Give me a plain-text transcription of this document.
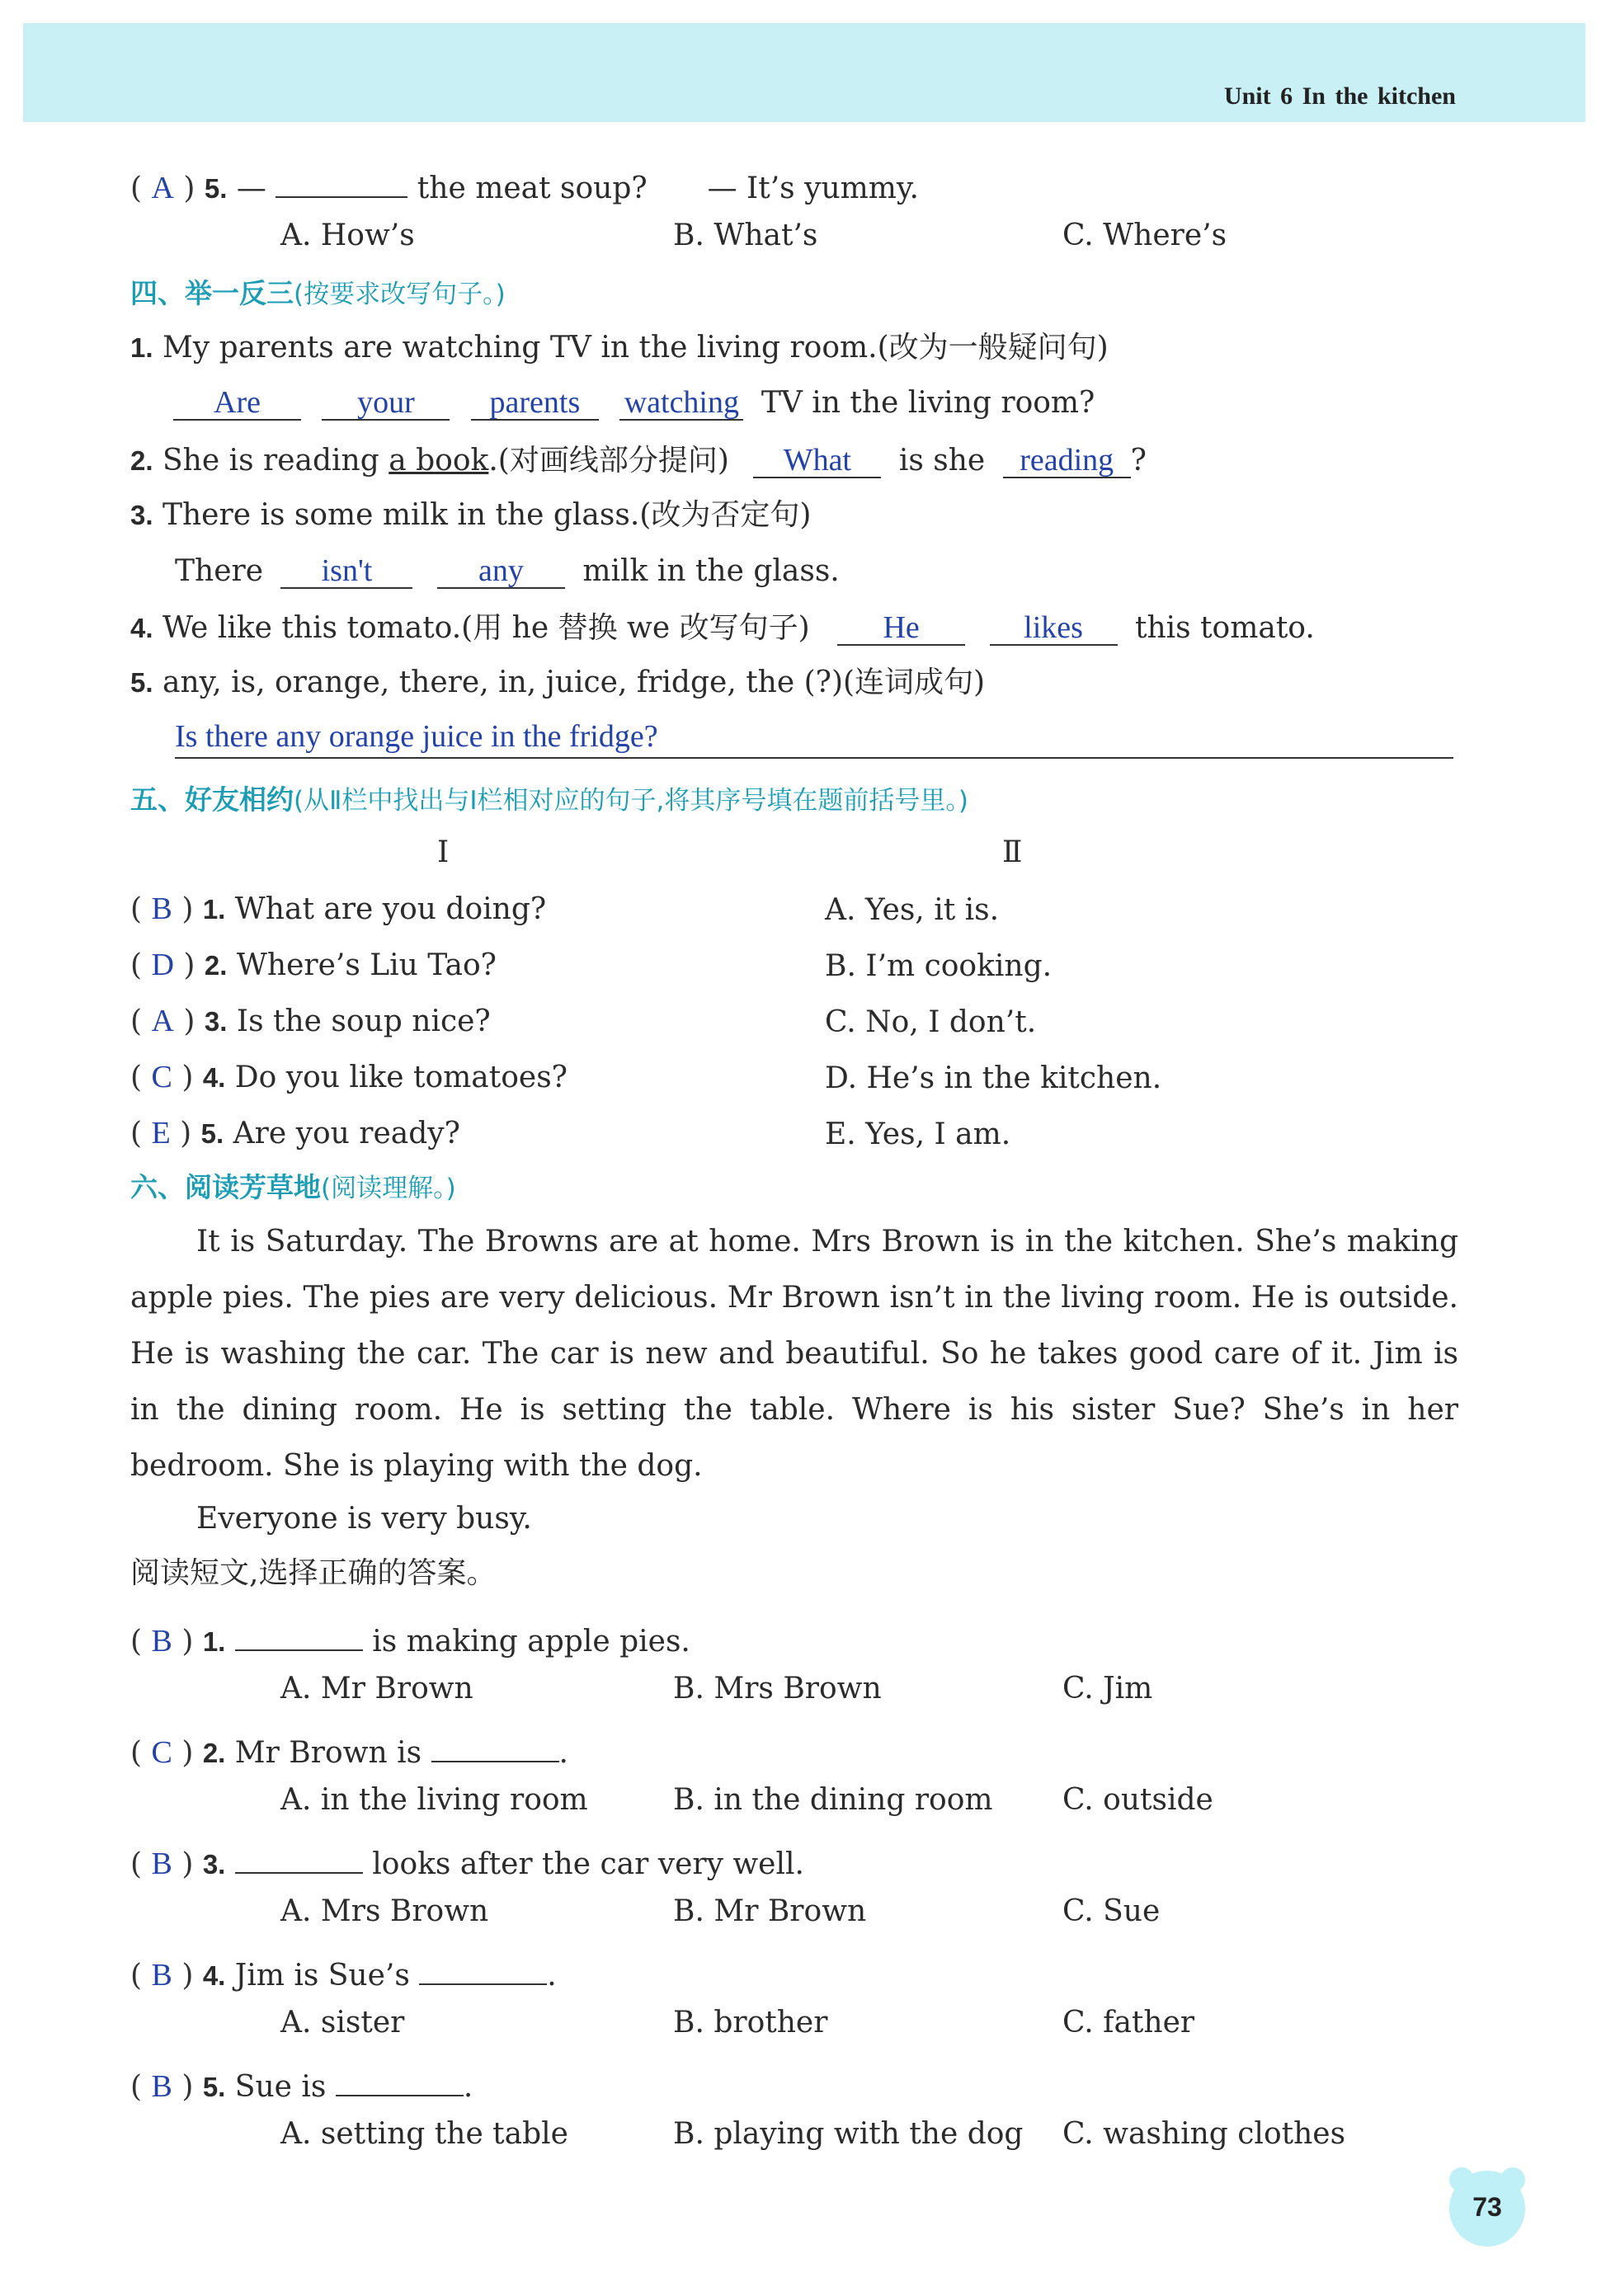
Unit 6 In the kitchen
( A ) 5. —	the meat soup? — It’s yummy.
A. How’s	B. What’s	C. Where’s
四、举一反三(按要求改写句子。)
1. My parents are watching TV in the living room.(改为一般疑问句)
Are	your parents watching TV in the living room?
2. She is reading a book.(对画线部分提问) What is she reading ?
3. There is some milk in the glass.(改为否定句)
There isn't	any milk in the glass.
4. We like this tomato.(用 he 替换 we 改写句子) He	likes this tomato.
5. any, is, orange, there, in, juice, fridge, the (?)(连词成句)
Is there any orange juice in the fridge?
五、好友相约(从Ⅱ栏中找出与Ⅰ栏相对应的句子,将其序号填在题前括号里。)
Ⅰ	Ⅱ
( B ) 1. What are you doing?	A. Yes, it is.
( D ) 2. Where’s Liu Tao?	B. I’m cooking.
( A ) 3. Is the soup nice?	C. No, I don’t.
( C ) 4. Do you like tomatoes?	D. He’s in the kitchen.
( E ) 5. Are you ready?	E. Yes, I am.
六、阅读芳草地(阅读理解。)
It is Saturday. The Browns are at home. Mrs Brown is in the kitchen. She’s making apple pies. The pies are very delicious. Mr Brown isn’t in the living room. He is outside. He is washing the car. The car is new and beautiful. So he takes good care of it. Jim is in the dining room. He is setting the table. Where is his sister Sue? She’s in her bedroom. She is playing with the dog.
Everyone is very busy.
阅读短文,选择正确的答案。
( B ) 1.	is making apple pies.
A. Mr Brown	B. Mrs Brown	C. Jim
( C ) 2. Mr Brown is	.
A. in the living room	B. in the dining room C. outside
( B ) 3.	looks after the car very well.
A. Mrs Brown	B. Mr Brown	C. Sue
( B ) 4. Jim is Sue’s	.
A. sister	B. brother	C. father
( B ) 5. Sue is	.
A. setting the table	B. playing with the dog C. washing clothes
73
